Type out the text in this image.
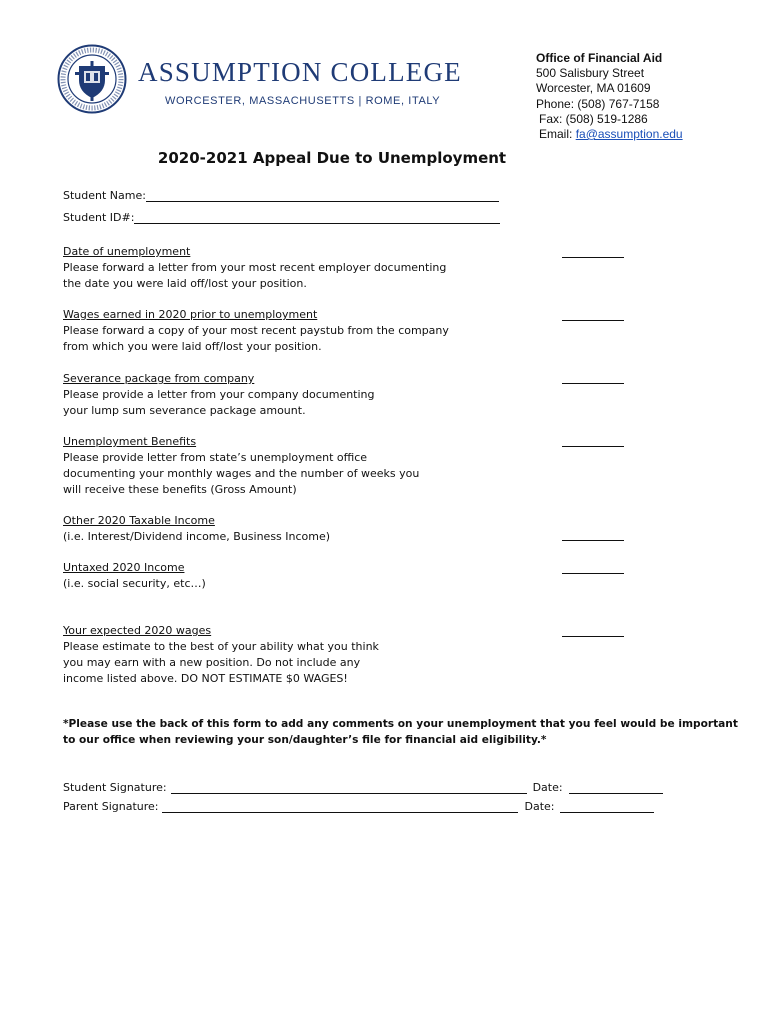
ASSUMPTION COLLEGE
WORCESTER, MASSACHUSETTS | ROME, ITALY
Office of Financial Aid
500 Salisbury Street
Worcester, MA 01609
Phone: (508) 767-7158
Fax: (508) 519-1286
Email: fa@assumption.edu
2020-2021 Appeal Due to Unemployment
Student Name:
Student ID#:
Date of unemployment
Please forward a letter from your most recent employer documenting
the date you were laid off/lost your position.
Wages earned in 2020 prior to unemployment
Please forward a copy of your most recent paystub from the company
from which you were laid off/lost your position.
Severance package from company
Please provide a letter from your company documenting
your lump sum severance package amount.
Unemployment Benefits
Please provide letter from state’s unemployment office
documenting your monthly wages and the number of weeks you
will receive these benefits (Gross Amount)
Other 2020 Taxable Income
(i.e. Interest/Dividend income, Business Income)
Untaxed 2020 Income
(i.e. social security, etc…)
Your expected 2020 wages
Please estimate to the best of your ability what you think
you may earn with a new position. Do not include any
income listed above. DO NOT ESTIMATE $0 WAGES!
*Please use the back of this form to add any comments on your unemployment that you feel would be important to our office when reviewing your son/daughter’s file for financial aid eligibility.*
Student Signature:	Date:
Parent Signature:	Date:
